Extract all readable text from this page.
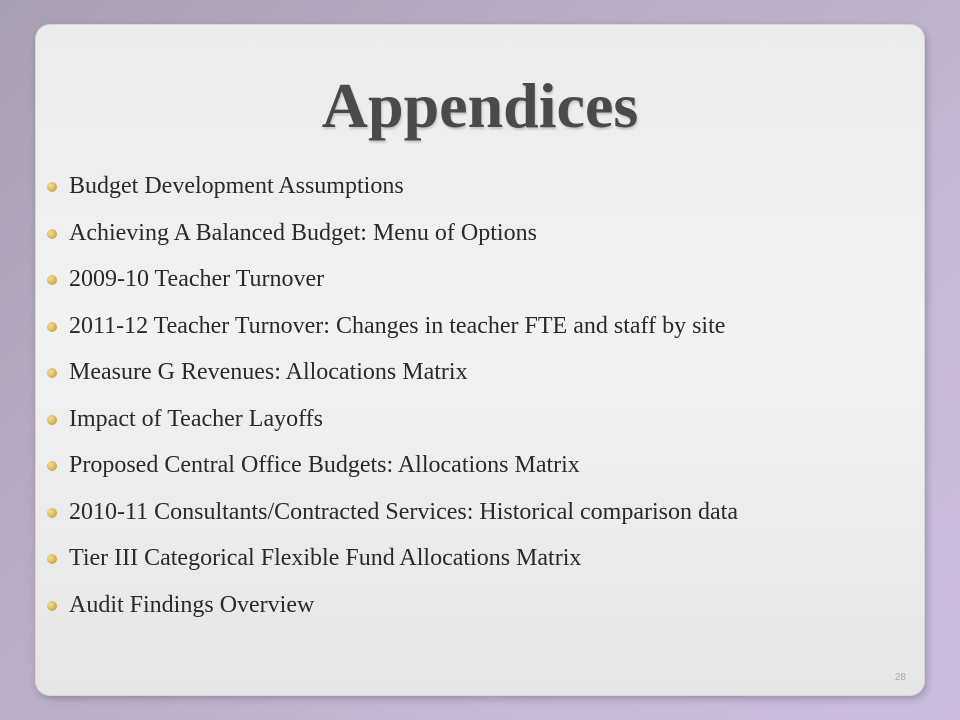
Appendices
Budget Development Assumptions
Achieving A Balanced Budget: Menu of Options
2009-10 Teacher Turnover
2011-12 Teacher Turnover: Changes in teacher FTE and staff by site
Measure G Revenues: Allocations Matrix
Impact of Teacher Layoffs
Proposed Central Office Budgets: Allocations Matrix
2010-11 Consultants/Contracted Services: Historical comparison data
Tier III Categorical Flexible Fund Allocations Matrix
Audit Findings Overview
28
